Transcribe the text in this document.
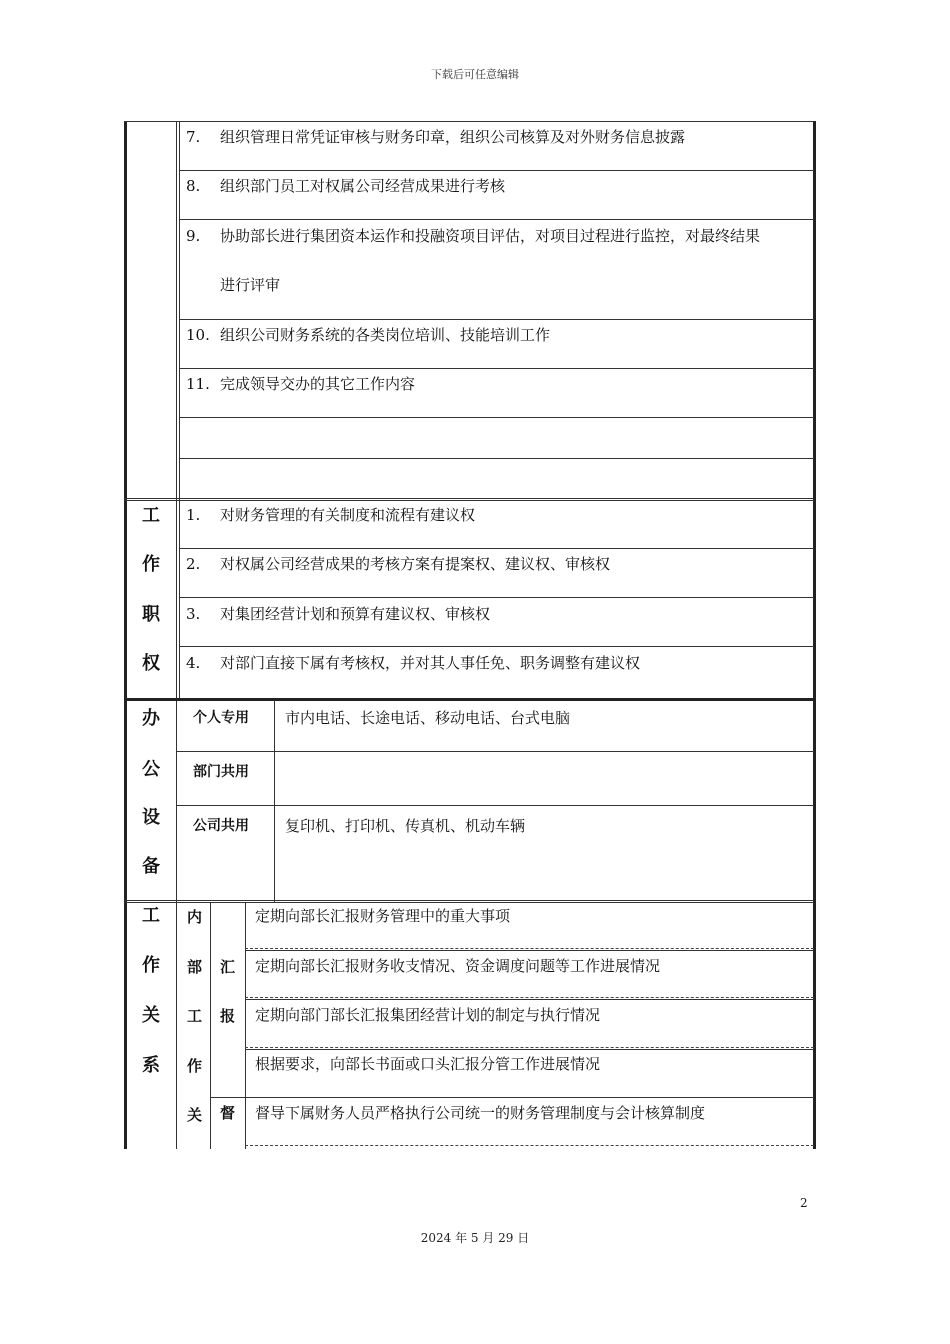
下载后可任意编辑
2
2024 年 5 月 29 日
7. 组织管理日常凭证审核与财务印章，组织公司核算及对外财务信息披露
8. 组织部门员工对权属公司经营成果进行考核
9. 协助部长进行集团资本运作和投融资项目评估，对项目过程进行监控，对最终结果
进行评审
10. 组织公司财务系统的各类岗位培训、技能培训工作
11. 完成领导交办的其它工作内容
工
作
职
权
1. 对财务管理的有关制度和流程有建议权
2. 对权属公司经营成果的考核方案有提案权、建议权、审核权
3. 对集团经营计划和预算有建议权、审核权
4. 对部门直接下属有考核权，并对其人事任免、职务调整有建议权
办
公
设
备
个人专用 市内电话、长途电话、移动电话、台式电脑
部门共用
公司共用 复印机、打印机、传真机、机动车辆
工
作
关
系
内
部
工
作
关
汇
报
督
定期向部长汇报财务管理中的重大事项
定期向部长汇报财务收支情况、资金调度问题等工作进展情况
定期向部门部长汇报集团经营计划的制定与执行情况
根据要求，向部长书面或口头汇报分管工作进展情况
督导下属财务人员严格执行公司统一的财务管理制度与会计核算制度
